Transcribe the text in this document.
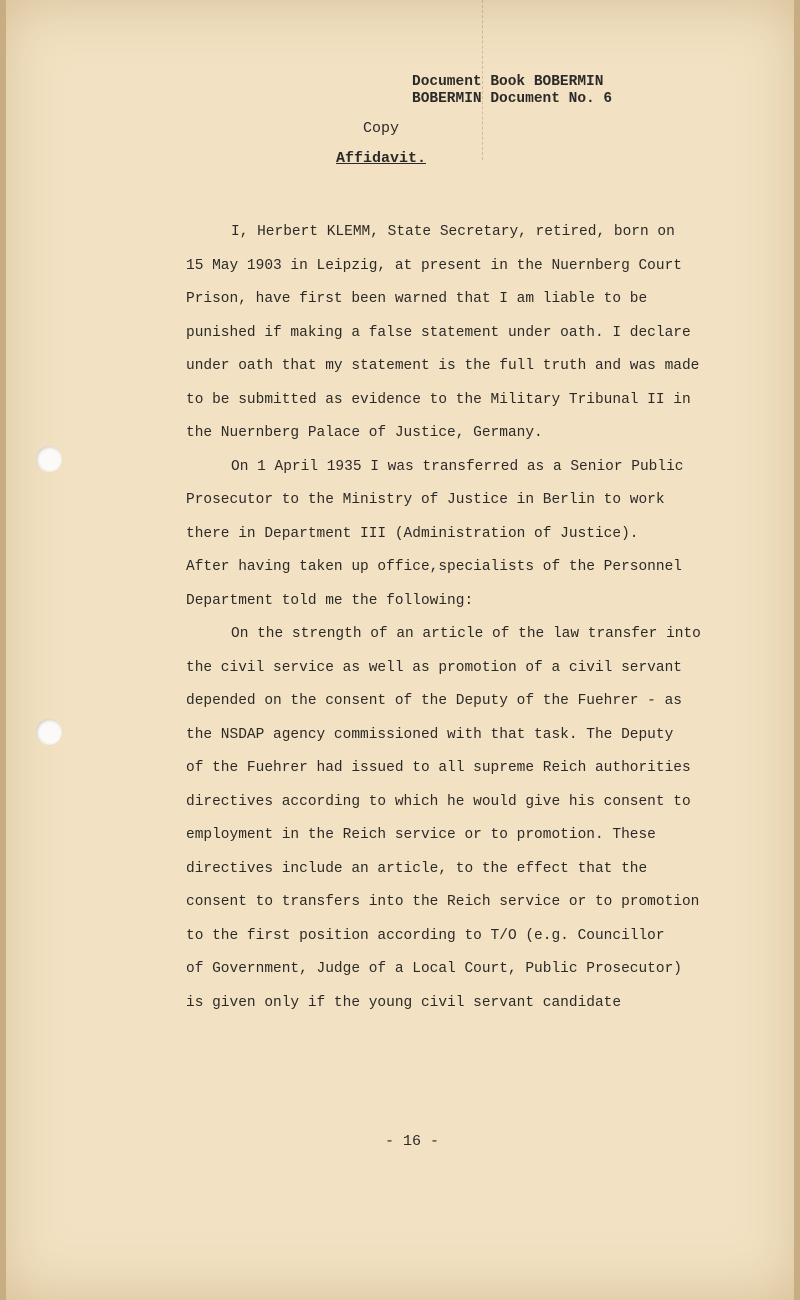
Document Book BOBERMIN
BOBERMIN Document No. 6
Copy
Affidavit.
I, Herbert KLEMM, State Secretary, retired, born on
15 May 1903 in Leipzig, at present in the Nuernberg Court
Prison, have first been warned that I am liable to be
punished if making a false statement under oath. I declare
under oath that my statement is the full truth and was made
to be submitted as evidence to the Military Tribunal II in
the Nuernberg Palace of Justice, Germany.
On 1 April 1935 I was transferred as a Senior Public
Prosecutor to the Ministry of Justice in Berlin to work
there in Department III (Administration of Justice).
After having taken up office,specialists of the Personnel
Department told me the following:
On the strength of an article of the law transfer into
the civil service as well as promotion of a civil servant
depended on the consent of the Deputy of the Fuehrer - as
the NSDAP agency commissioned with that task. The Deputy
of the Fuehrer had issued to all supreme Reich authorities
directives according to which he would give his consent to
employment in the Reich service or to promotion. These
directives include an article, to the effect that the
consent to transfers into the Reich service or to promotion
to the first position according to T/O (e.g. Councillor
of Government, Judge of a Local Court, Public Prosecutor)
is given only if the young civil servant candidate
- 16 -
